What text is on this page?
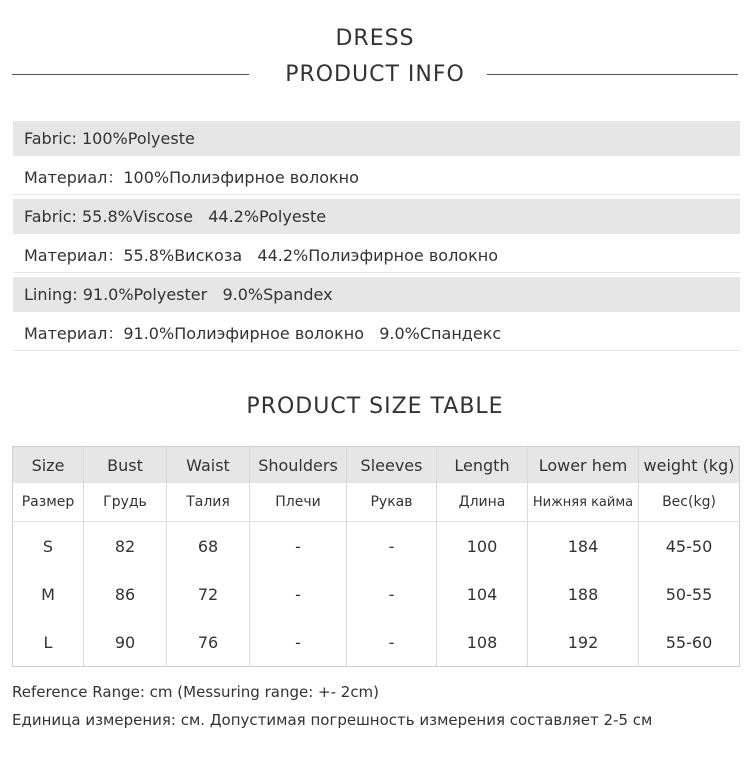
DRESS
PRODUCT INFO
Fabric: 100%Polyeste
Материал：100%Полиэфирное волокно
Fabric: 55.8%Viscose   44.2%Polyeste
Материал：55.8%Вискоза   44.2%Полиэфирное волокно
Lining: 91.0%Polyester   9.0%Spandex
Материал：91.0%Полиэфирное волокно   9.0%Спандекс
PRODUCT SIZE TABLE
Size	Bust	Waist	Shoulders	Sleeves	Length	Lower hem	weight (kg)
Размер	Грудь	Талия	Плечи	Рукав	Длина	Нижняя кайма	Вес(kg)
S	82	68	-	-	100	184	45-50
M	86	72	-	-	104	188	50-55
L	90	76	-	-	108	192	55-60
Reference Range: cm (Messuring range: +- 2cm)
Единица измерения: см. Допустимая погрешность измерения составляет 2-5 см
